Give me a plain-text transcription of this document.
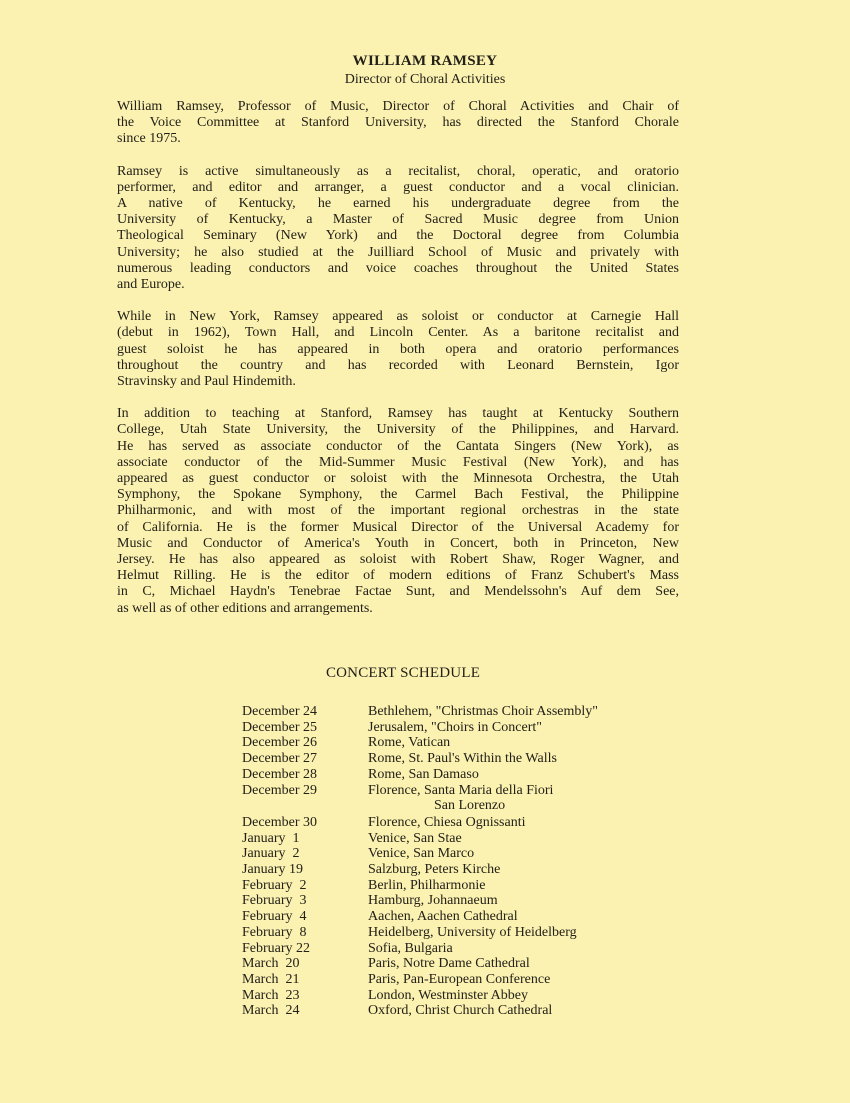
WILLIAM RAMSEY
Director of Choral Activities
William Ramsey, Professor of Music, Director of Choral Activities and Chair of
the Voice Committee at Stanford University, has directed the Stanford Chorale
since 1975.
Ramsey is active simultaneously as a recitalist, choral, operatic, and oratorio
performer, and editor and arranger, a guest conductor and a vocal clinician.
A native of Kentucky, he earned his undergraduate degree from the
University of Kentucky, a Master of Sacred Music degree from Union
Theological Seminary (New York) and the Doctoral degree from Columbia
University; he also studied at the Juilliard School of Music and privately with
numerous leading conductors and voice coaches throughout the United States
and Europe.
While in New York, Ramsey appeared as soloist or conductor at Carnegie Hall
(debut in 1962), Town Hall, and Lincoln Center. As a baritone recitalist and
guest soloist he has appeared in both opera and oratorio performances
throughout the country and has recorded with Leonard Bernstein, Igor
Stravinsky and Paul Hindemith.
In addition to teaching at Stanford, Ramsey has taught at Kentucky Southern
College, Utah State University, the University of the Philippines, and Harvard.
He has served as associate conductor of the Cantata Singers (New York), as
associate conductor of the Mid-Summer Music Festival (New York), and has
appeared as guest conductor or soloist with the Minnesota Orchestra, the Utah
Symphony, the Spokane Symphony, the Carmel Bach Festival, the Philippine
Philharmonic, and with most of the important regional orchestras in the state
of California. He is the former Musical Director of the Universal Academy for
Music and Conductor of America's Youth in Concert, both in Princeton, New
Jersey. He has also appeared as soloist with Robert Shaw, Roger Wagner, and
Helmut Rilling. He is the editor of modern editions of Franz Schubert's Mass
in C, Michael Haydn's Tenebrae Factae Sunt, and Mendelssohn's Auf dem See,
as well as of other editions and arrangements.
CONCERT SCHEDULE
December 24	Bethlehem, "Christmas Choir Assembly"
December 25	Jerusalem, "Choirs in Concert"
December 26	Rome, Vatican
December 27	Rome, St. Paul's Within the Walls
December 28	Rome, San Damaso
December 29	Florence, Santa Maria della Fiori
San Lorenzo
December 30	Florence, Chiesa Ognissanti
January  1	Venice, San Stae
January  2	Venice, San Marco
January 19	Salzburg, Peters Kirche
February  2	Berlin, Philharmonie
February  3	Hamburg, Johannaeum
February  4	Aachen, Aachen Cathedral
February  8	Heidelberg, University of Heidelberg
February 22	Sofia, Bulgaria
March  20	Paris, Notre Dame Cathedral
March  21	Paris, Pan-European Conference
March  23	London, Westminster Abbey
March  24	Oxford, Christ Church Cathedral
